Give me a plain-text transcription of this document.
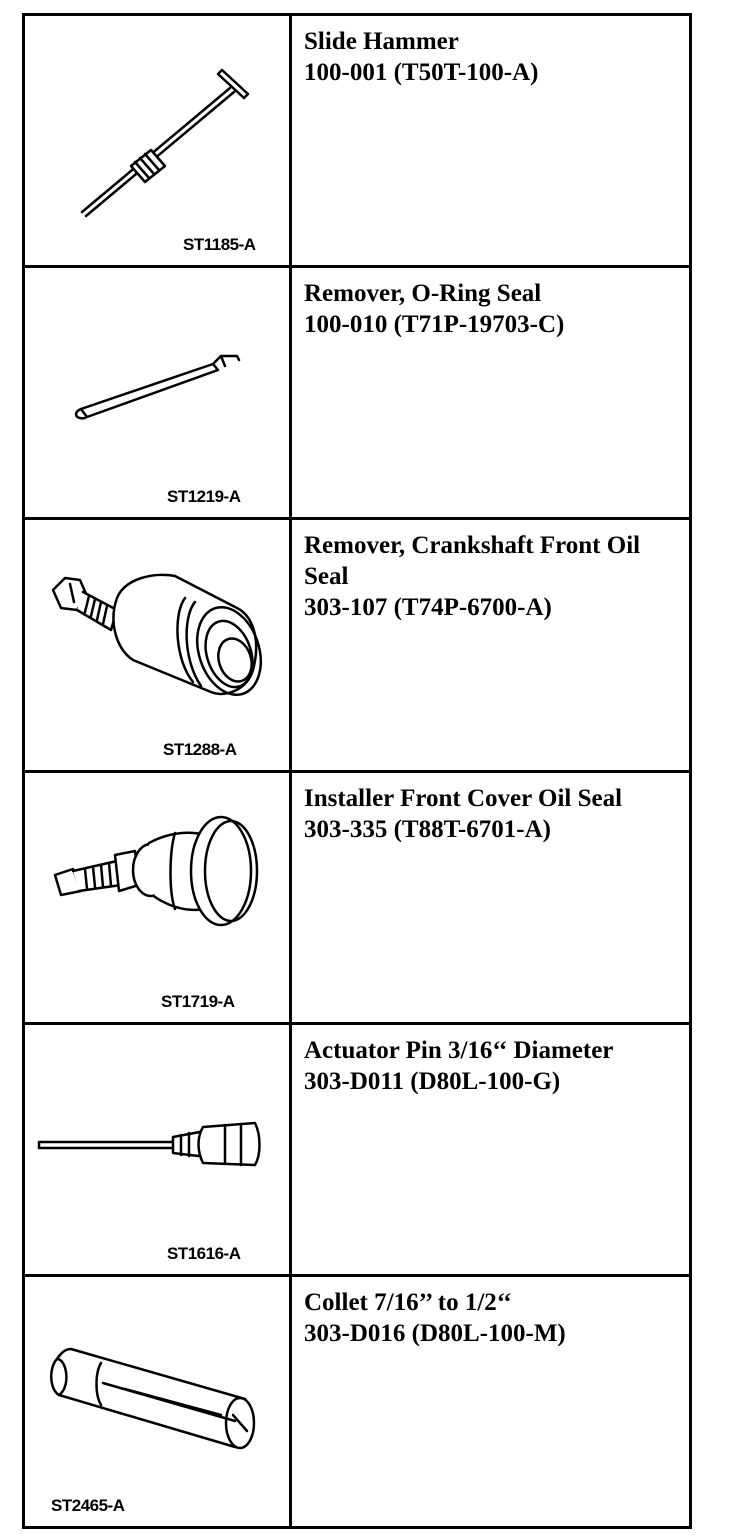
ST1185-A
Slide Hammer
100-001 (T50T-100-A)
ST1219-A
Remover, O-Ring Seal
100-010 (T71P-19703-C)
ST1288-A
Remover, Crankshaft Front Oil Seal
303-107 (T74P-6700-A)
ST1719-A
Installer Front Cover Oil Seal
303-335 (T88T-6701-A)
ST1616-A
Actuator Pin 3/16‘‘ Diameter
303-D011 (D80L-100-G)
ST2465-A
Collet 7/16’’ to 1/2‘‘
303-D016 (D80L-100-M)
